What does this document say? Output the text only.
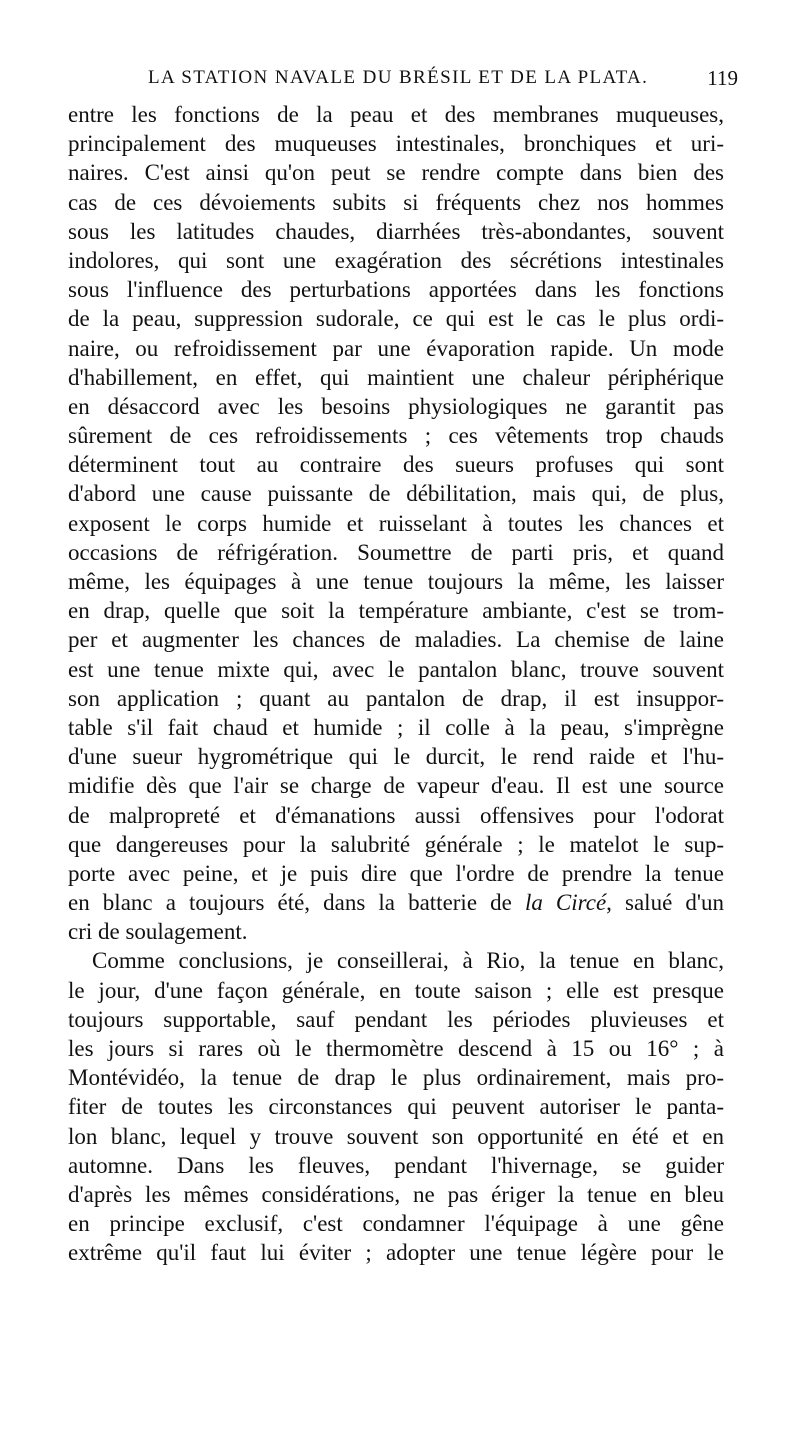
LA STATION NAVALE DU BRÉSIL ET DE LA PLATA.	119
entre les fonctions de la peau et des membranes muqueuses,
principalement des muqueuses intestinales, bronchiques et uri-
naires. C'est ainsi qu'on peut se rendre compte dans bien des
cas de ces dévoiements subits si fréquents chez nos hommes
sous les latitudes chaudes, diarrhées très-abondantes, souvent
indolores, qui sont une exagération des sécrétions intestinales
sous l'influence des perturbations apportées dans les fonctions
de la peau, suppression sudorale, ce qui est le cas le plus ordi-
naire, ou refroidissement par une évaporation rapide. Un mode
d'habillement, en effet, qui maintient une chaleur périphérique
en désaccord avec les besoins physiologiques ne garantit pas
sûrement de ces refroidissements ; ces vêtements trop chauds
déterminent tout au contraire des sueurs profuses qui sont
d'abord une cause puissante de débilitation, mais qui, de plus,
exposent le corps humide et ruisselant à toutes les chances et
occasions de réfrigération. Soumettre de parti pris, et quand
même, les équipages à une tenue toujours la même, les laisser
en drap, quelle que soit la température ambiante, c'est se trom-
per et augmenter les chances de maladies. La chemise de laine
est une tenue mixte qui, avec le pantalon blanc, trouve souvent
son application ; quant au pantalon de drap, il est insuppor-
table s'il fait chaud et humide ; il colle à la peau, s'imprègne
d'une sueur hygrométrique qui le durcit, le rend raide et l'hu-
midifie dès que l'air se charge de vapeur d'eau. Il est une source
de malpropreté et d'émanations aussi offensives pour l'odorat
que dangereuses pour la salubrité générale ; le matelot le sup-
porte avec peine, et je puis dire que l'ordre de prendre la tenue
en blanc a toujours été, dans la batterie de la Circé, salué d'un
cri de soulagement.
Comme conclusions, je conseillerai, à Rio, la tenue en blanc,
le jour, d'une façon générale, en toute saison ; elle est presque
toujours supportable, sauf pendant les périodes pluvieuses et
les jours si rares où le thermomètre descend à 15 ou 16° ; à
Montévidéo, la tenue de drap le plus ordinairement, mais pro-
fiter de toutes les circonstances qui peuvent autoriser le panta-
lon blanc, lequel y trouve souvent son opportunité en été et en
automne. Dans les fleuves, pendant l'hivernage, se guider
d'après les mêmes considérations, ne pas ériger la tenue en bleu
en principe exclusif, c'est condamner l'équipage à une gêne
extrême qu'il faut lui éviter ; adopter une tenue légère pour le
